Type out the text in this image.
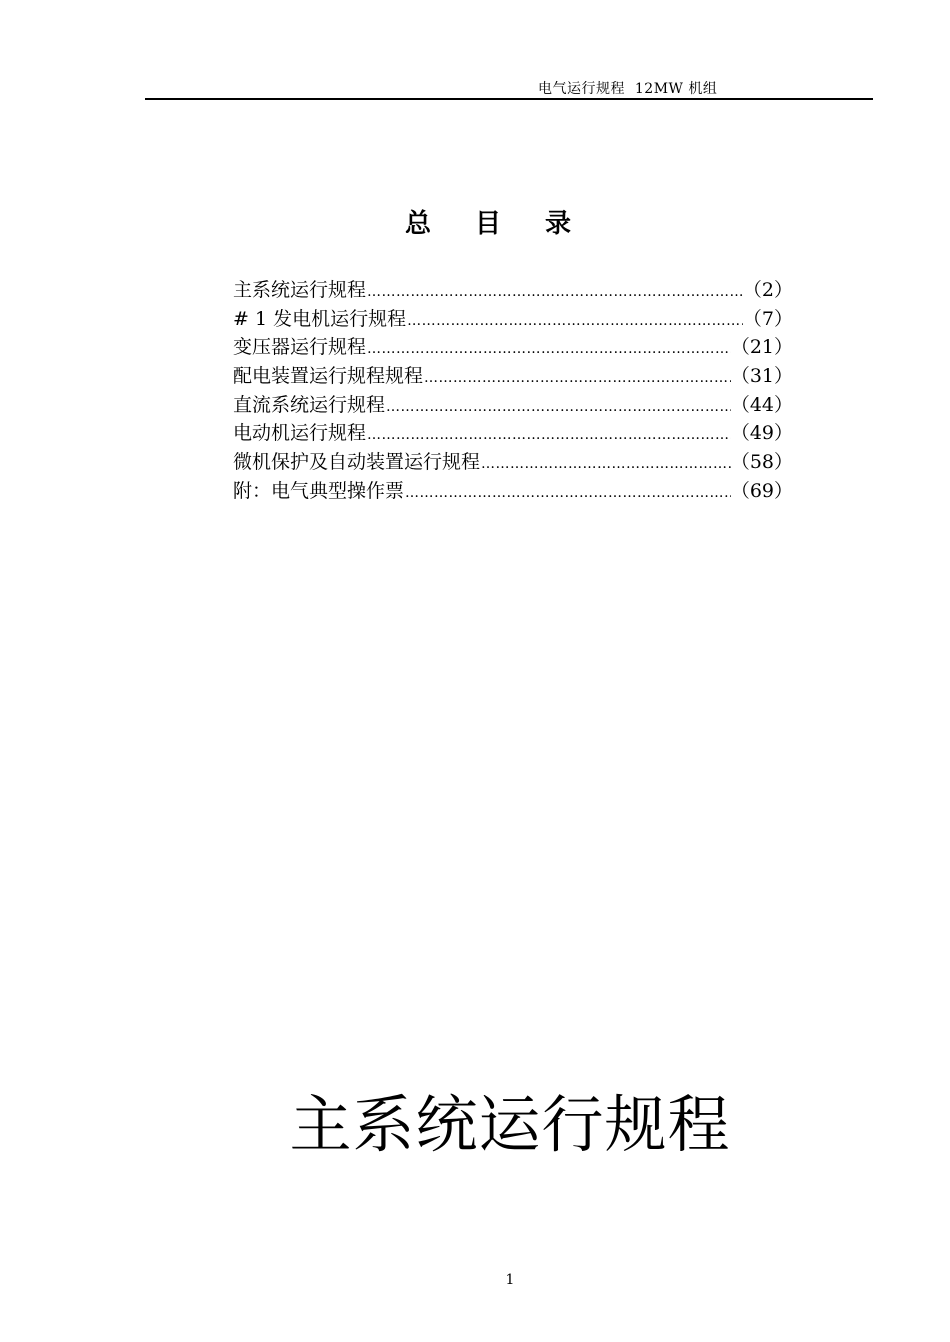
电气运行规程  12MW 机组
总目录
主系统运行规程 …………………………………………………………………………………………………………………………	（2）
# 1 发电机运行规程 …………………………………………………………………………………………………………………………	（7）
变压器运行规程 …………………………………………………………………………………………………………………………	（21）
配电装置运行规程规程 …………………………………………………………………………………………………………………………	（31）
直流系统运行规程 …………………………………………………………………………………………………………………………	（44）
电动机运行规程 …………………………………………………………………………………………………………………………	（49）
微机保护及自动装置运行规程 …………………………………………………………………………………………………………………………	（58）
附：电气典型操作票 …………………………………………………………………………………………………………………………	（69）
主系统运行规程
1
